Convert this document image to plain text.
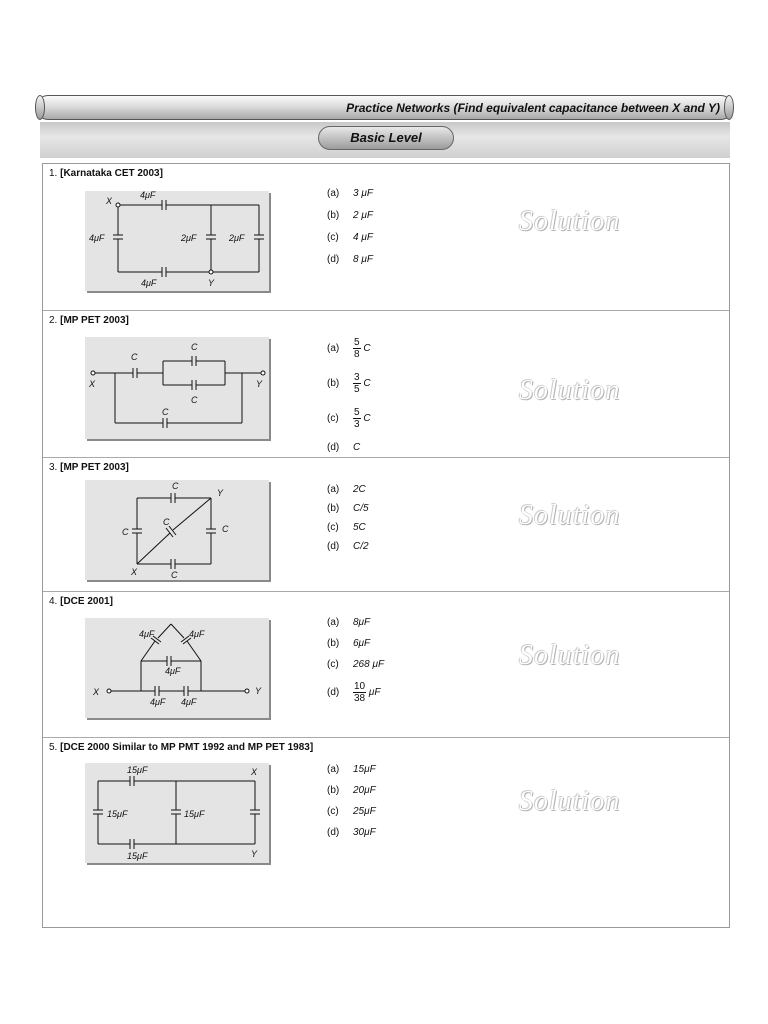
Practice Networks (Find equivalent capacitance between X and Y)
Basic Level
1. [Karnataka CET 2003]
X
4μF
4μF	2μF	2μF
4μF	Y
(a) 3 μF
(b) 2 μF
(c) 4 μF
(d) 8 μF
Solution
2. [MP PET 2003]
C
C
C
C
X	Y
$(a) \frac{5}{8}$ C
$(b) \frac{3}{5}$ C
$(c) \frac{5}{3}$ C
(d) C
Solution
3. [MP PET 2003]
C
Y
C
C
C
X	C
(a) 2C
(b) C/5
(c) 5C
(d) C/2
Solution
4. [DCE 2001]
4μF	4μF
4μF
X	Y
4μF 4μF
(a) 8μF
(b) 6μF
(c) 268 μF
$(d) \frac{10}{38}$ μF
Solution
5. [DCE 2000 Similar to MP PMT 1992 and MP PET 1983]
15μF	X
15μF	15μF
15μF	Y
(a) 15μF
(b) 20μF
(c) 25μF
(d) 30μF
Solution
